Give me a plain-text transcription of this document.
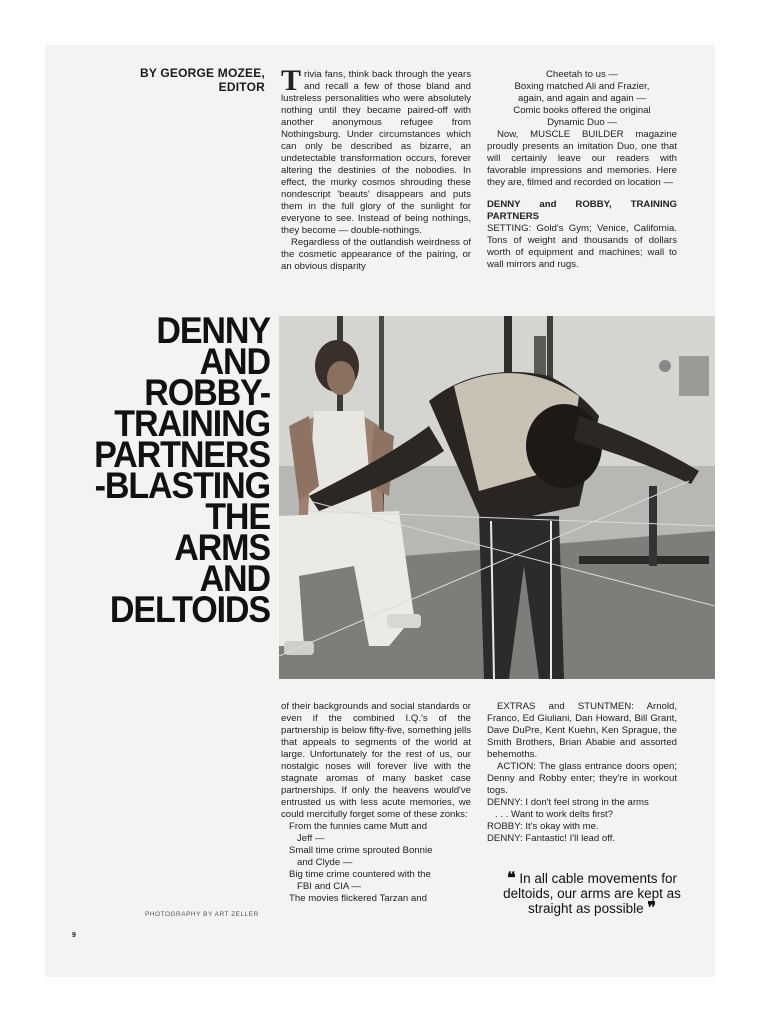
BY GEORGE MOZEE,
EDITOR Trivia fans, think back through the years and recall a few of those bland and lustreless personalities who were absolutely nothing until they became paired-off with another anonymous refugee from Nothingsburg. Under circumstances which can only be described as bizarre, an undetectable transformation occurs, forever altering the destinies of the nobodies. In effect, the murky cosmos shrouding these nondescript 'beauts' disappears and puts them in the full glory of the sunlight for everyone to see. Instead of being nothings, they become — double-nothings.

Regardless of the outlandish weirdness of the cosmetic appearance of the pairing, or an obvious disparity

Cheetah to us —

Boxing matched Ali and Frazier,

again, and again and again —

Comic books offered the original

Dynamic Duo —

Now, MUSCLE BUILDER magazine proudly presents an imitation Duo, one that will certainly leave our readers with favorable impressions and memories. Here they are, filmed and recorded on location —

DENNY and ROBBY, TRAINING PARTNERS

SETTING: Gold's Gym; Venice, California. Tons of weight and thousands of dollars worth of equipment and machines; wall to wall mirrors and rugs.

DENNY
AND
ROBBY-
TRAINING
PARTNERS
-BLASTING
THE
ARMS
AND
DELTOIDS

of their backgrounds and social standards or even if the combined I.Q.'s of the partnership is below fifty-five, something jells that appeals to segments of the world at large. Unfortunately for the rest of us, our nostalgic noses will forever live with the stagnate aromas of many basket case partnerships. If only the heavens would've entrusted us with less acute memories, we could mercifully forget some of these zonks:

From the funnies came Mutt and

Jeff —

Small time crime sprouted Bonnie

and Clyde —

Big time crime countered with the

FBI and CIA —

The movies flickered Tarzan and

EXTRAS and STUNTMEN: Arnold, Franco, Ed Giuliani, Dan Howard, Bill Grant, Dave DuPre, Kent Kuehn, Ken Sprague, the Smith Brothers, Brian Ababie and assorted behemoths.

ACTION: The glass entrance doors open; Denny and Robby enter; they're in workout togs.

DENNY: I don't feel strong in the arms

. . . Want to work delts first?

ROBBY: It's okay with me.

DENNY: Fantastic! I'll lead off.

❝ In all cable movements for deltoids, our arms are kept as straight as possible ❞
PHOTOGRAPHY BY ART ZELLER
9
